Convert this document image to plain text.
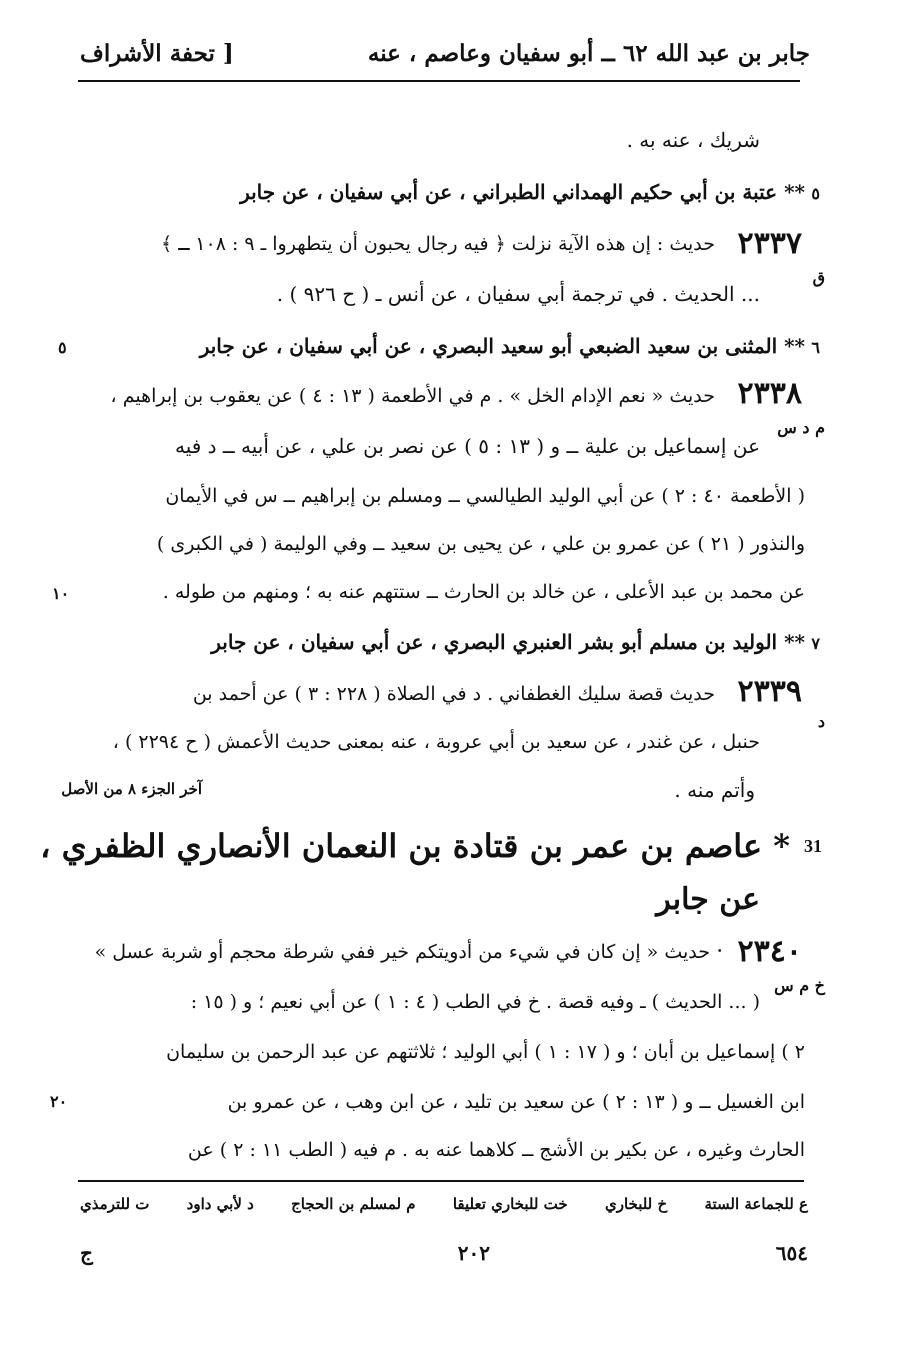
جابر بن عبد الله ٦٢ ــ أبو سفيان وعاصم ، عنه
[ تحفة الأشراف
شريك ، عنه به .
٥
** عتبة بن أبي حكيم الهمداني الطبراني ، عن أبي سفيان ، عن جابر
٢٣٣٧
حديث : إن هذه الآية نزلت ﴿ فيه رجال يحبون أن يتطهروا ـ ٩ : ١٠٨ ـ ﴾
ق
... الحديث . في ترجمة أبي سفيان ، عن أنس ـ ( ح ٩٢٦ ) .
٦
٥	** المثنى بن سعيد الضبعي أبو سعيد البصري ، عن أبي سفيان ، عن جابر
٢٣٣٨
حديث « نعم الإدام الخل » . م في الأطعمة ( ١٣ : ٤ ) عن يعقوب بن إبراهيم ،
م د س
عن إسماعيل بن علية ــ و ( ١٣ : ٥ ) عن نصر بن علي ، عن أبيه ــ د فيه
( الأطعمة ٤٠ : ٢ ) عن أبي الوليد الطيالسي ــ ومسلم بن إبراهيم ــ س في الأيمان
والنذور ( ٢١ ) عن عمرو بن علي ، عن يحيى بن سعيد ــ وفي الوليمة ( في الكبرى )
عن محمد بن عبد الأعلى ، عن خالد بن الحارث ــ ستتهم عنه به ؛ ومنهم من طوله .
١٠
٧
** الوليد بن مسلم أبو بشر العنبري البصري ، عن أبي سفيان ، عن جابر
٢٣٣٩
حديث قصة سليك الغطفاني . د في الصلاة ( ٢٢٨ : ٣ ) عن أحمد بن
د
حنبل ، عن غندر ، عن سعيد بن أبي عروبة ، عنه بمعنى حديث الأعمش ( ح ٢٢٩٤ ) ،
وأتم منه .
آخر الجزء ٨ من الأصل
31
* عاصم بن عمر بن قتادة بن النعمان الأنصاري الظفري ،
عن جابر
٢٣٤٠
٠
حديث « إن كان في شيء من أدويتكم خير ففي شرطة محجم أو شربة عسل »
خ م س
( ... الحديث ) ـ وفيه قصة . خ في الطب ( ٤ : ١ ) عن أبي نعيم ؛ و ( ١٥ :
٢ ) إسماعيل بن أبان ؛ و ( ١٧ : ١ ) أبي الوليد ؛ ثلاثتهم عن عبد الرحمن بن سليمان
ابن الغسيل ــ و ( ١٣ : ٢ ) عن سعيد بن تليد ، عن ابن وهب ، عن عمرو بن
٢٠
الحارث وغيره ، عن بكير بن الأشج ــ كلاهما عنه به . م فيه ( الطب ١١ : ٢ ) عن
ع للجماعة الستة
خ للبخاري
خت للبخاري تعليقا
م لمسلم بن الحجاج
د لأبي داود
ت للترمذي
٦٥٤
٢٠٢
ج
